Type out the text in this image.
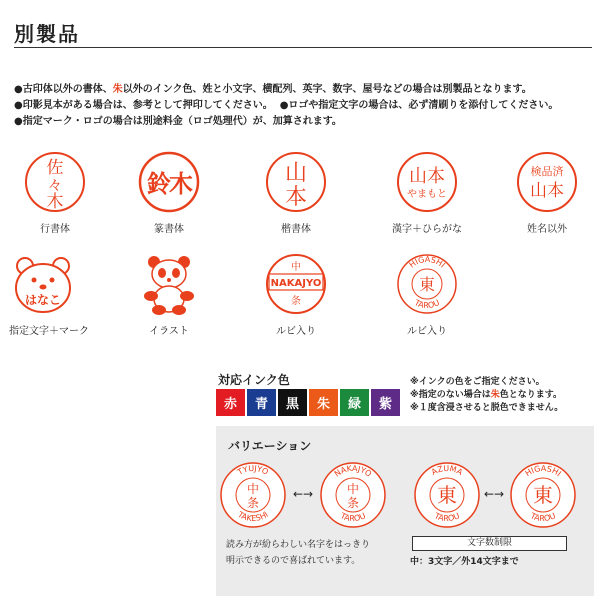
別製品
●古印体以外の書体、朱以外のインク色、姓と小文字、横配列、英字、数字、屋号などの場合は別製品となります。
●印影見本がある場合は、参考として押印してください。 ●ロゴや指定文字の場合は、必ず清刷りを添付してください。
●指定マーク・ロゴの場合は別途料金（ロゴ処理代）が、加算されます。
佐
々
木
行書体
鈴
木
篆書体
山
本
楷書体
山本
やまもと
漢字＋ひらがな
検品済
山本
姓名以外
はなこ
指定文字＋マーク	イラスト
中
NAKAJYO
条
ルビ入り
HIGASHI
TAROU
東
ルビ入り
対応インク色
赤	青	黒	朱	緑	紫
※インクの色をご指定ください。
※指定のない場合は朱色となります。
※１度含浸させると脱色できません。
バリエーション
TYUJYO
TAKESHI
中
条
←→
NAKAJYO
TAROU
中
条
AZUMA
TAROU
東 ←→
HIGASHI
TAROU
東
読み方が紛らわしい名字をはっきり
明示できるので喜ばれています。
文字数制限
中：3文字／外14文字まで
